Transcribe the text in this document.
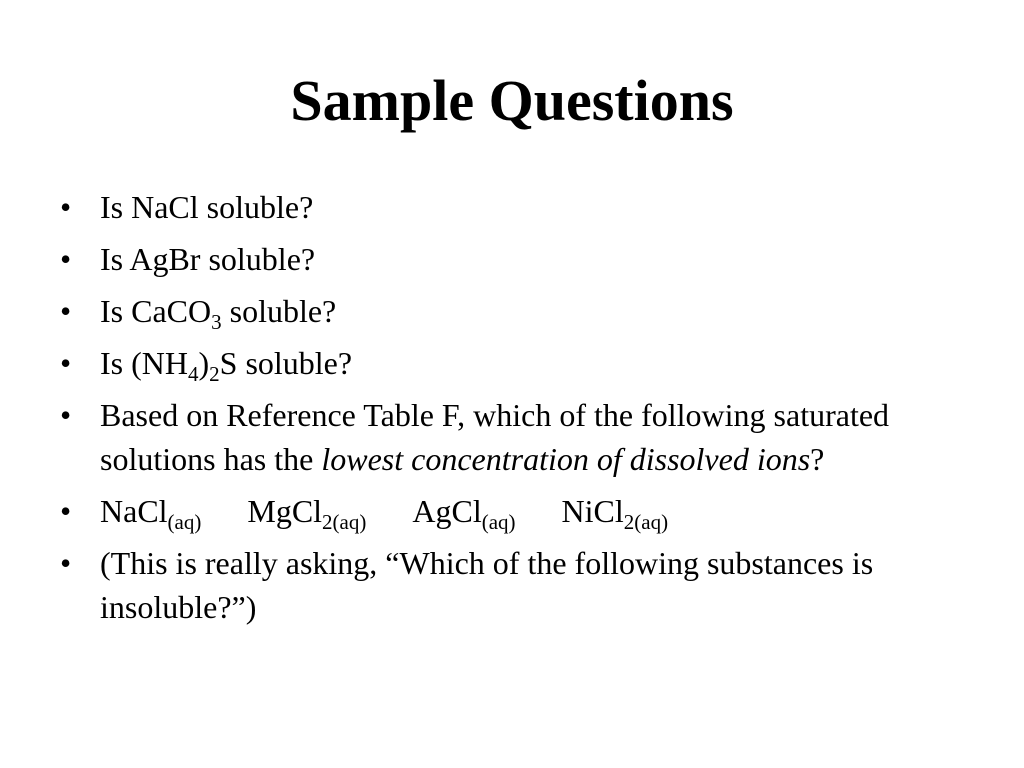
Sample Questions
• Is NaCl soluble?
• Is AgBr soluble?
• Is CaCO$_3$ soluble?
• Is $(NH_4)_2S$ soluble?
• Based on Reference Table F, which of the following saturated solutions has the lowest concentration of dissolved ions?
• NaCl$_{(aq)}$ MgCl$_{2(aq)}$ AgCl$_{(aq)}$ NiCl$_{2(aq)}$
• (This is really asking, “Which of the following substances is insoluble?”)
